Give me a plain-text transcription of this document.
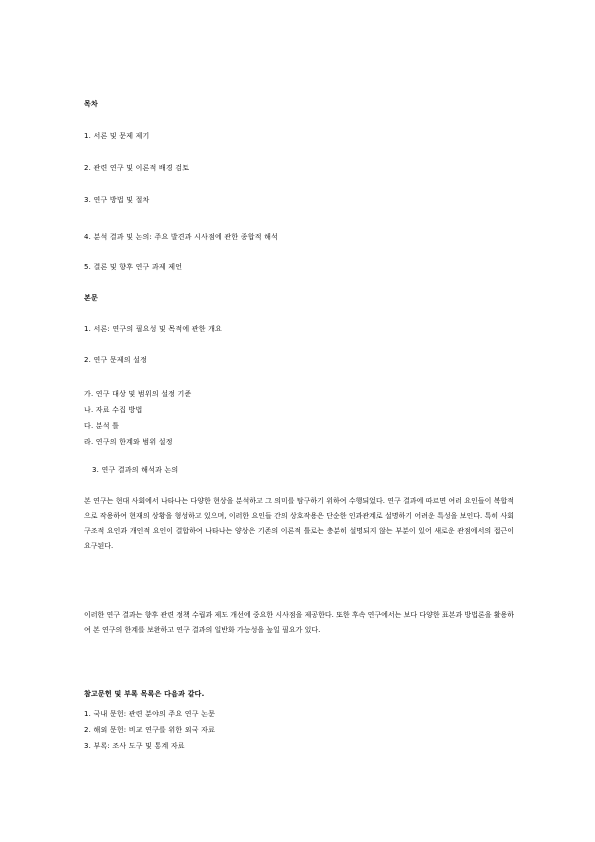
목차
1. 서론 및 문제 제기
2. 관련 연구 및 이론적 배경 검토
3. 연구 방법 및 절차
4. 분석 결과 및 논의: 주요 발견과 시사점에 관한 종합적 해석
5. 결론 및 향후 연구 과제 제언
본문
1. 서론: 연구의 필요성 및 목적에 관한 개요
2. 연구 문제의 설정
가. 연구 대상 및 범위의 설정 기준
나. 자료 수집 방법
다. 분석 틀
라. 연구의 한계와 범위 설정
3. 연구 결과의 해석과 논의
본 연구는 현대 사회에서 나타나는 다양한 현상을 분석하고 그 의미를 탐구하기 위하여 수행되었다. 연구 결과에 따르면 여러 요인들이 복합적으로 작용하여 현재의 상황을 형성하고 있으며, 이러한 요인들 간의 상호작용은 단순한 인과관계로 설명하기 어려운 특성을 보인다. 특히 사회 구조적 요인과 개인적 요인이 결합하여 나타나는 양상은 기존의 이론적 틀로는 충분히 설명되지 않는 부분이 있어 새로운 관점에서의 접근이 요구된다.
이러한 연구 결과는 향후 관련 정책 수립과 제도 개선에 중요한 시사점을 제공한다. 또한 후속 연구에서는 보다 다양한 표본과 방법론을 활용하여 본 연구의 한계를 보완하고 연구 결과의 일반화 가능성을 높일 필요가 있다.
참고문헌 및 부록 목록은 다음과 같다.
1. 국내 문헌: 관련 분야의 주요 연구 논문
2. 해외 문헌: 비교 연구를 위한 외국 자료
3. 부록: 조사 도구 및 통계 자료
